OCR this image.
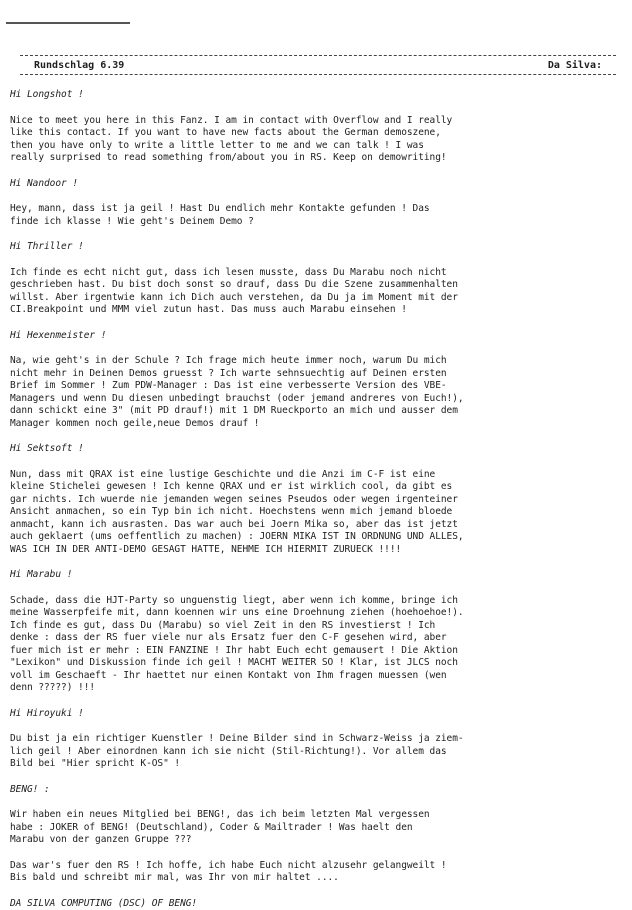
Rundschlag 6.39	Da Silva:
Hi Longshot !
Nice to meet you here in this Fanz. I am in contact with Overflow and I really
like this contact. If you want to have new facts about the German demoszene,
then you have only to write a little letter to me and we can talk ! I was
really surprised to read something from/about you in RS. Keep on demowriting!
Hi Nandoor !
Hey, mann, dass ist ja geil ! Hast Du endlich mehr Kontakte gefunden ! Das
finde ich klasse ! Wie geht's Deinem Demo ?
Hi Thriller !
Ich finde es echt nicht gut, dass ich lesen musste, dass Du Marabu noch nicht
geschrieben hast. Du bist doch sonst so drauf, dass Du die Szene zusammenhalten
willst. Aber irgentwie kann ich Dich auch verstehen, da Du ja im Moment mit der
CI.Breakpoint und MMM viel zutun hast. Das muss auch Marabu einsehen !
Hi Hexenmeister !
Na, wie geht's in der Schule ? Ich frage mich heute immer noch, warum Du mich
nicht mehr in Deinen Demos gruesst ? Ich warte sehnsuechtig auf Deinen ersten
Brief im Sommer ! Zum PDW-Manager : Das ist eine verbesserte Version des VBE-
Managers und wenn Du diesen unbedingt brauchst (oder jemand andreres von Euch!),
dann schickt eine 3" (mit PD drauf!) mit 1 DM Rueckporto an mich und ausser dem
Manager kommen noch geile,neue Demos drauf !
Hi Sektsoft !
Nun, dass mit QRAX ist eine lustige Geschichte und die Anzi im C-F ist eine
kleine Stichelei gewesen ! Ich kenne QRAX und er ist wirklich cool, da gibt es
gar nichts. Ich wuerde nie jemanden wegen seines Pseudos oder wegen irgenteiner
Ansicht anmachen, so ein Typ bin ich nicht. Hoechstens wenn mich jemand bloede
anmacht, kann ich ausrasten. Das war auch bei Joern Mika so, aber das ist jetzt
auch geklaert (ums oeffentlich zu machen) : JOERN MIKA IST IN ORDNUNG UND ALLES,
WAS ICH IN DER ANTI-DEMO GESAGT HATTE, NEHME ICH HIERMIT ZURUECK !!!!
Hi Marabu !
Schade, dass die HJT-Party so unguenstig liegt, aber wenn ich komme, bringe ich
meine Wasserpfeife mit, dann koennen wir uns eine Droehnung ziehen (hoehoehoe!).
Ich finde es gut, dass Du (Marabu) so viel Zeit in den RS investierst ! Ich
denke : dass der RS fuer viele nur als Ersatz fuer den C-F gesehen wird, aber
fuer mich ist er mehr : EIN FANZINE ! Ihr habt Euch echt gemausert ! Die Aktion
"Lexikon" und Diskussion finde ich geil ! MACHT WEITER SO ! Klar, ist JLCS noch
voll im Geschaeft - Ihr haettet nur einen Kontakt von Ihm fragen muessen (wen
denn ?????) !!!
Hi Hiroyuki !
Du bist ja ein richtiger Kuenstler ! Deine Bilder sind in Schwarz-Weiss ja ziem-
lich geil ! Aber einordnen kann ich sie nicht (Stil-Richtung!). Vor allem das
Bild bei "Hier spricht K-OS" !
BENG! :
Wir haben ein neues Mitglied bei BENG!, das ich beim letzten Mal vergessen
habe : JOKER of BENG! (Deutschland), Coder & Mailtrader ! Was haelt den
Marabu von der ganzen Gruppe ???
Das war's fuer den RS ! Ich hoffe, ich habe Euch nicht alzusehr gelangweilt !
Bis bald und schreibt mir mal, was Ihr von mir haltet ....
DA SILVA COMPUTING (DSC) OF BENG!
